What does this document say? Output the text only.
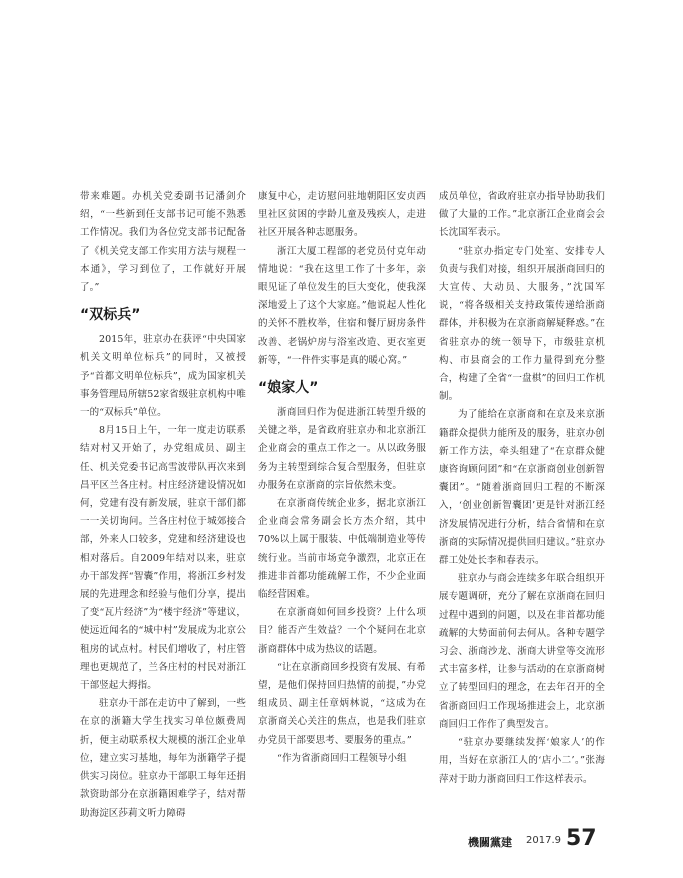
带来难题。办机关党委副书记潘剑介绍，“一些新到任支部书记可能不熟悉工作情况。我们为各位党支部书记配备了《机关党支部工作实用方法与规程一本通》，学习到位了，工作就好开展了。”

“双标兵”

2015年，驻京办在获评“中央国家机关文明单位标兵”的同时，又被授予“首都文明单位标兵”，成为国家机关事务管理局所辖52家省级驻京机构中唯一的“双标兵”单位。

8月15日上午，一年一度走访联系结对村又开始了，办党组成员、副主任、机关党委书记高雪波带队再次来到昌平区兰各庄村。村庄经济建设情况如何，党建有没有新发展，驻京干部们都一一关切询问。兰各庄村位于城郊接合部，外来人口较多，党建和经济建设也相对落后。自2009年结对以来，驻京办干部发挥“智囊”作用，将浙江乡村发展的先进理念和经验与他们分享，提出了变“瓦片经济”为“楼宇经济”等建议，使远近闻名的“城中村”发展成为北京公租房的试点村。村民们增收了，村庄管理也更规范了，兰各庄村的村民对浙江干部竖起大拇指。

驻京办干部在走访中了解到，一些在京的浙籍大学生找实习单位颇费周折，便主动联系权大规模的浙江企业单位，建立实习基地，每年为浙籍学子提供实习岗位。驻京办干部职工每年还捐款资助部分在京浙籍困难学子，结对帮助海淀区莎莉文听力障碍

康复中心，走访慰问驻地朝阳区安贞西里社区贫困的孛龄儿童及残疾人，走进社区开展各种志愿服务。

浙江大厦工程部的老党员付克年动情地说：“我在这里工作了十多年，亲眼见证了单位发生的巨大变化，使我深深地爱上了这个大家庭。”他说起人性化的关怀不胜枚举，住宿和餐厅厨房条件改善、老锅炉房与浴室改造、更衣室更新等，“一件件实事是真的暖心窝。”

“娘家人”

浙商回归作为促进浙江转型升级的关键之举，是省政府驻京办和北京浙江企业商会的重点工作之一。从以政务服务为主转型到综合复合型服务，但驻京办服务在京浙商的宗旨依然未变。

在京浙商传统企业多，据北京浙江企业商会常务副会长方杰介绍，其中70%以上属于服装、中低端制造业等传统行业。当前市场竞争激烈，北京正在推进非首都功能疏解工作，不少企业面临经营困难。

在京浙商如何回乡投资？上什么项目？能否产生效益？一个个疑问在北京浙商群体中成为热议的话题。

“让在京浙商回乡投资有发展、有希望，是他们保持回归热情的前提，”办党组成员、副主任章炳林说，“这成为在京浙商关心关注的焦点，也是我们驻京办党员干部要思考、要服务的重点。”

“作为省浙商回归工程领导小组

成员单位，省政府驻京办指导协助我们做了大量的工作。”北京浙江企业商会会长沈国军表示。

“驻京办指定专门处室、安排专人负责与我们对接，组织开展浙商回归的大宣传、大动员、大服务，”沈国军说，“将各级相关支持政策传递给浙商群体，并积极为在京浙商解疑释惑。”在省驻京办的统一领导下，市级驻京机构、市县商会的工作力量得到充分整合，构建了全省“一盘棋”的回归工作机制。

为了能给在京浙商和在京及来京浙籍群众提供力能所及的服务，驻京办创新工作方法，牵头组建了“在京群众健康咨询顾问团”和“在京浙商创业创新智囊团”。“随着浙商回归工程的不断深入，‘创业创新智囊团’更是针对浙江经济发展情况进行分析，结合省情和在京浙商的实际情况提供回归建议。”驻京办群工处处长李和春表示。

驻京办与商会连续多年联合组织开展专题调研，充分了解在京浙商在回归过程中遇到的问题，以及在非首都功能疏解的大势面前何去何从。各种专题学习会、浙商沙龙、浙商大讲堂等交流形式丰富多样，让参与活动的在京浙商树立了转型回归的理念，在去年召开的全省浙商回归工作现场推进会上，北京浙商回归工作作了典型发言。

“驻京办要继续发挥‘娘家人’的作用，当好在京浙江人的‘店小二’。”张海萍对于助力浙商回归工作这样表示。

機關黨建 2017.9 57
